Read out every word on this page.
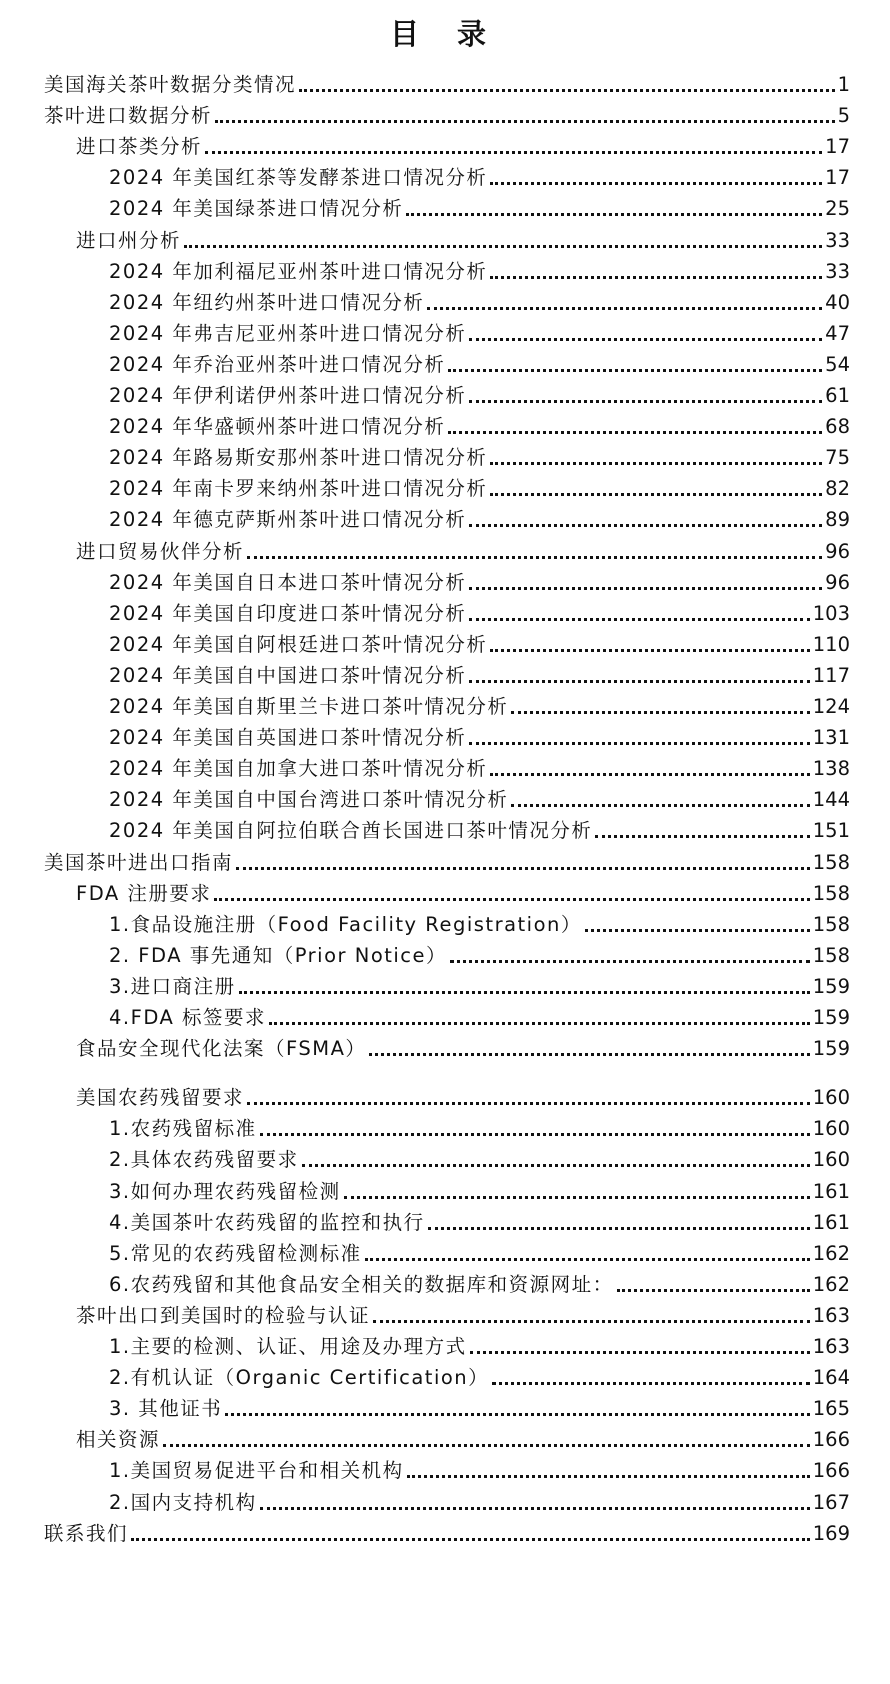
目 录
美国海关茶叶数据分类情况	1
茶叶进口数据分析	5
进口茶类分析	17
2024 年美国红茶等发酵茶进口情况分析	17
2024 年美国绿茶进口情况分析	25
进口州分析	33
2024 年加利福尼亚州茶叶进口情况分析	33
2024 年纽约州茶叶进口情况分析	40
2024 年弗吉尼亚州茶叶进口情况分析	47
2024 年乔治亚州茶叶进口情况分析	54
2024 年伊利诺伊州茶叶进口情况分析	61
2024 年华盛顿州茶叶进口情况分析	68
2024 年路易斯安那州茶叶进口情况分析	75
2024 年南卡罗来纳州茶叶进口情况分析	82
2024 年德克萨斯州茶叶进口情况分析	89
进口贸易伙伴分析	96
2024 年美国自日本进口茶叶情况分析	96
2024 年美国自印度进口茶叶情况分析	103
2024 年美国自阿根廷进口茶叶情况分析	110
2024 年美国自中国进口茶叶情况分析	117
2024 年美国自斯里兰卡进口茶叶情况分析	124
2024 年美国自英国进口茶叶情况分析	131
2024 年美国自加拿大进口茶叶情况分析	138
2024 年美国自中国台湾进口茶叶情况分析	144
2024 年美国自阿拉伯联合酋长国进口茶叶情况分析	151
美国茶叶进出口指南	158
FDA 注册要求	158
1.食品设施注册（Food Facility Registration）	158
2. FDA 事先通知（Prior Notice）	158
3.进口商注册	159
4.FDA 标签要求	159
食品安全现代化法案（FSMA）	159
美国农药残留要求	160
1.农药残留标准	160
2.具体农药残留要求	160
3.如何办理农药残留检测	161
4.美国茶叶农药残留的监控和执行	161
5.常见的农药残留检测标准	162
6.农药残留和其他食品安全相关的数据库和资源网址：	162
茶叶出口到美国时的检验与认证	163
1.主要的检测、认证、用途及办理方式	163
2.有机认证（Organic Certification）	164
3. 其他证书	165
相关资源	166
1.美国贸易促进平台和相关机构	166
2.国内支持机构	167
联系我们	169
